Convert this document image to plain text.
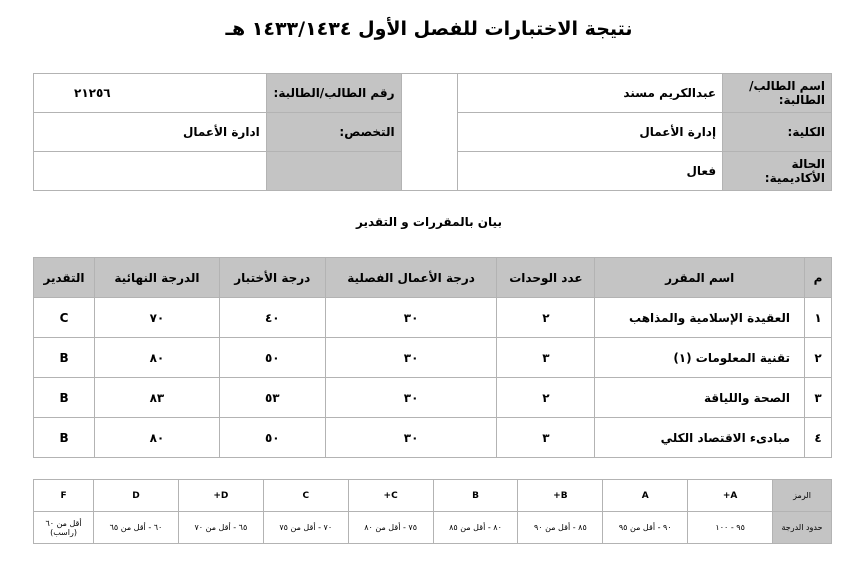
نتيجة الاختبارات للفصل الأول ١٤٣٣/١٤٣٤ هـ
اسم الطالب/الطالبة:	عبدالكريم مسند		رقم الطالب/الطالبة:	٢١٢٥٦
الكلية:	إدارة الأعمال		التخصص:	ادارة الأعمال
الحالة الأكاديمية:	فعال			

بيان بالمقررات و التقدير

م	اسم المقرر	عدد الوحدات	درجة الأعمال الفصلية	درجة الأختبار	الدرجة النهائية	التقدير
١	العقيدة الإسلامية والمذاهب	٢	٣٠	٤٠	٧٠	C
٢	تقنية المعلومات (١)	٣	٣٠	٥٠	٨٠	B
٣	الصحة واللياقة	٢	٣٠	٥٣	٨٣	B
٤	مبادىء الاقتصاد الكلي	٣	٣٠	٥٠	٨٠	B
الرمز	A+	A	B+	B	C+	C	D+	D	F
حدود الدرجة	٩٥ - ١٠٠	٩٠ - أقل من ٩٥	٨٥ - أقل من ٩٠	٨٠ - أقل من ٨٥	٧٥ - أقل من ٨٠	٧٠ - أقل من ٧٥	٦٥ - أقل من ٧٠	٦٠ - أقل من ٦٥	أقل من ٦٠ (راسب)
